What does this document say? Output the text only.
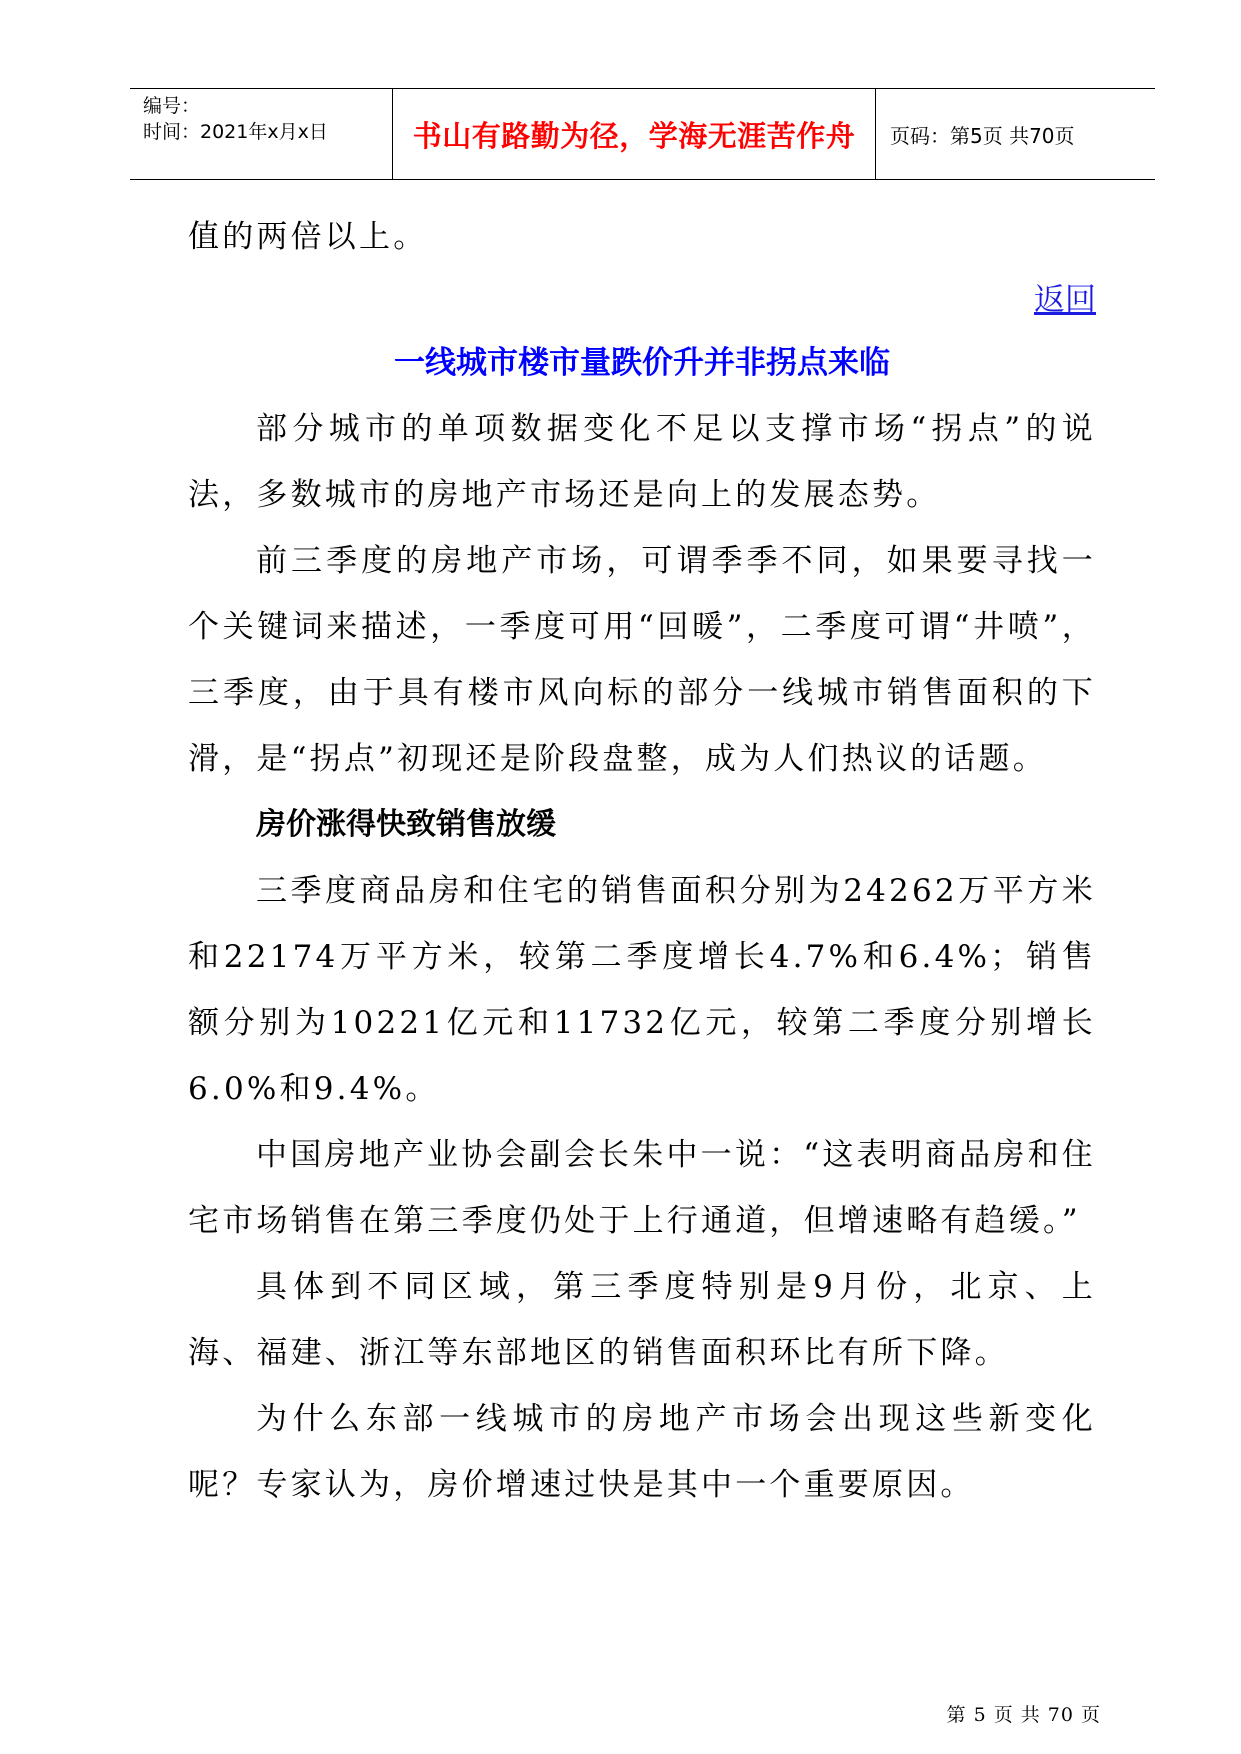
编号：
时间：2021年x月x日	书山有路勤为径，学海无涯苦作舟	页码：第5页 共70页

值的两倍以上。

返回

一线城市楼市量跌价升并非拐点来临

部分城市的单项数据变化不足以支撑市场“拐点”的说法，多数城市的房地产市场还是向上的发展态势。

前三季度的房地产市场，可谓季季不同，如果要寻找一个关键词来描述，一季度可用“回暖”，二季度可谓“井喷”，三季度，由于具有楼市风向标的部分一线城市销售面积的下滑，是“拐点”初现还是阶段盘整，成为人们热议的话题。

房价涨得快致销售放缓

三季度商品房和住宅的销售面积分别为24262万平方米和22174万平方米，较第二季度增长4.7%和6.4%；销售额分别为10221亿元和11732亿元，较第二季度分别增长6.0%和9.4%。

中国房地产业协会副会长朱中一说：“这表明商品房和住宅市场销售在第三季度仍处于上行通道，但增速略有趋缓。”

具体到不同区域，第三季度特别是9月份，北京、上海、福建、浙江等东部地区的销售面积环比有所下降。

为什么东部一线城市的房地产市场会出现这些新变化呢？专家认为，房价增速过快是其中一个重要原因。

第 5 页 共 70 页
